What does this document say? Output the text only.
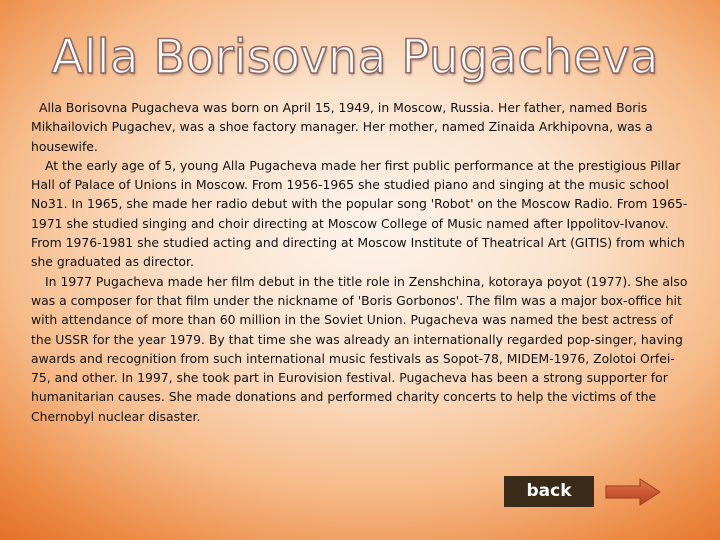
Alla Borisovna Pugacheva

Alla Borisovna Pugacheva was born on April 15, 1949, in Moscow, Russia. Her father, named Boris Mikhailovich Pugachev, was a shoe factory manager. Her mother, named Zinaida Arkhipovna, was a housewife.

At the early age of 5, young Alla Pugacheva made her first public performance at the prestigious Pillar Hall of Palace of Unions in Moscow. From 1956-1965 she studied piano and singing at the music school No31. In 1965, she made her radio debut with the popular song 'Robot' on the Moscow Radio. From 1965-1971 she studied singing and choir directing at Moscow College of Music named after Ippolitov-Ivanov. From 1976-1981 she studied acting and directing at Moscow Institute of Theatrical Art (GITIS) from which she graduated as director.

In 1977 Pugacheva made her film debut in the title role in Zenshchina, kotoraya poyot (1977). She also was a composer for that film under the nickname of 'Boris Gorbonos'. The film was a major box-office hit with attendance of more than 60 million in the Soviet Union. Pugacheva was named the best actress of the USSR for the year 1979. By that time she was already an internationally regarded pop-singer, having awards and recognition from such international music festivals as Sopot-78, MIDEM-1976, Zolotoi Orfei-75, and other. In 1997, she took part in Eurovision festival. Pugacheva has been a strong supporter for humanitarian causes. She made donations and performed charity concerts to help the victims of the Chernobyl nuclear disaster.

back
